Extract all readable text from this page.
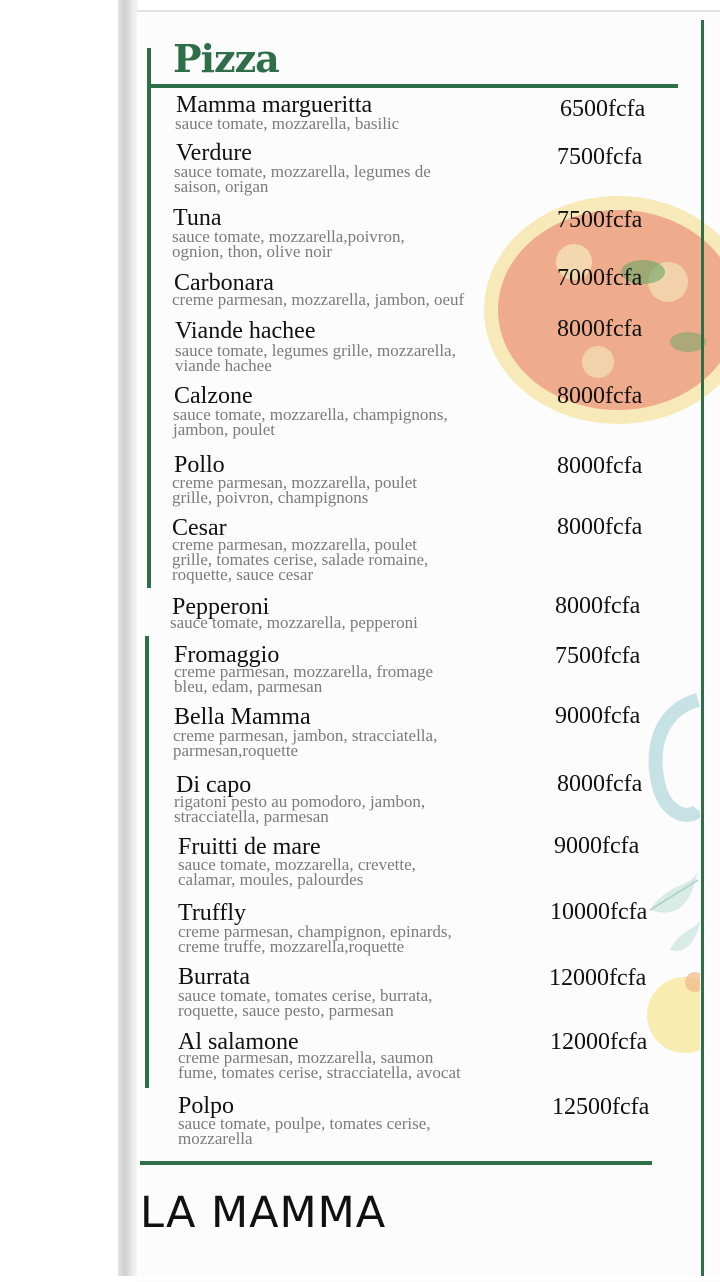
Pizza
Mamma margueritta
sauce tomate, mozzarella, basilic
6500fcfa
Verdure
sauce tomate, mozzarella, legumes de
saison, origan
7500fcfa
Tuna
sauce tomate, mozzarella,poivron,
ognion, thon, olive noir
7500fcfa
Carbonara
creme parmesan, mozzarella, jambon, oeuf
7000fcfa
Viande hachee
sauce tomate, legumes grille, mozzarella,
viande hachee
8000fcfa
Calzone
sauce tomate, mozzarella, champignons,
jambon, poulet
8000fcfa
Pollo
creme parmesan, mozzarella, poulet
grille, poivron, champignons
8000fcfa
Cesar
creme parmesan, mozzarella, poulet
grille, tomates cerise, salade romaine,
roquette, sauce cesar
8000fcfa
Pepperoni
sauce tomate, mozzarella, pepperoni
8000fcfa
Fromaggio
creme parmesan, mozzarella, fromage
bleu, edam, parmesan
7500fcfa
Bella Mamma
creme parmesan, jambon, stracciatella,
parmesan,roquette
9000fcfa
Di capo
rigatoni pesto au pomodoro, jambon,
stracciatella, parmesan
8000fcfa
Fruitti de mare
sauce tomate, mozzarella, crevette,
calamar, moules, palourdes
9000fcfa
Truffly
creme parmesan, champignon, epinards,
creme truffe, mozzarella,roquette
10000fcfa
Burrata
sauce tomate, tomates cerise, burrata,
roquette, sauce pesto, parmesan
12000fcfa
Al salamone
creme parmesan, mozzarella, saumon
fume, tomates cerise, stracciatella, avocat
12000fcfa
Polpo
sauce tomate, poulpe, tomates cerise,
mozzarella
12500fcfa
LA MAMMA
